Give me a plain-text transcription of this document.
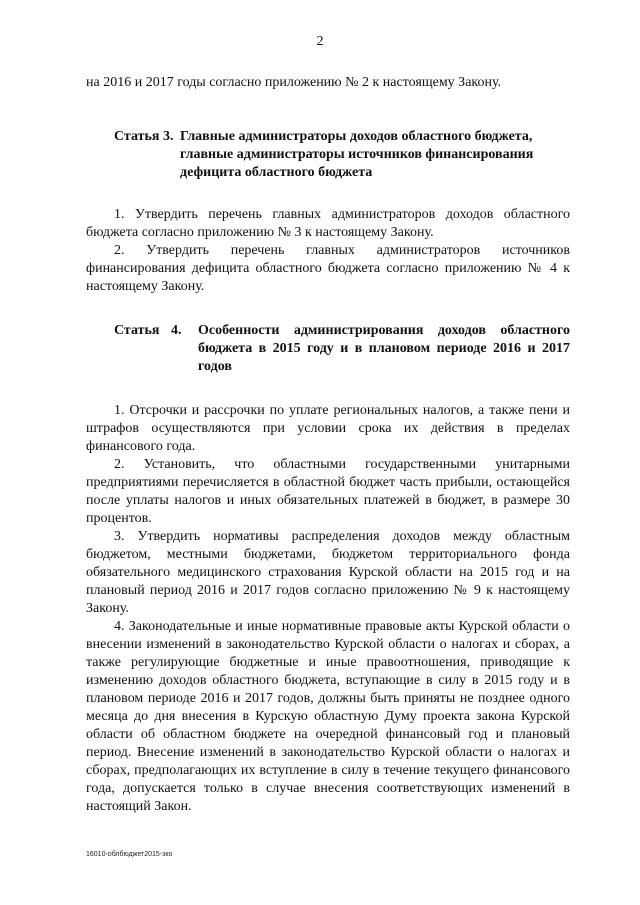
2

на 2016 и 2017 годы согласно приложению № 2 к настоящему Закону.

Статья 3. Главные администраторы доходов областного бюджета, главные администраторы источников финансирования дефицита областного бюджета

1. Утвердить перечень главных администраторов доходов областного бюджета согласно приложению № 3 к настоящему Закону.

2. Утвердить перечень главных администраторов источников финансирования дефицита областного бюджета согласно приложению № 4 к настоящему Закону.

Статья 4.	Особенности администрирования доходов областного бюджета в 2015 году и в плановом периоде 2016 и 2017 годов

1. Отсрочки и рассрочки по уплате региональных налогов, а также пени и штрафов осуществляются при условии срока их действия в пределах финансового года.

2. Установить, что областными государственными унитарными предприятиями перечисляется в областной бюджет часть прибыли, остающейся после уплаты налогов и иных обязательных платежей в бюджет, в размере 30 процентов.

3. Утвердить нормативы распределения доходов между областным бюджетом, местными бюджетами, бюджетом территориального фонда обязательного медицинского страхования Курской области на 2015 год и на плановый период 2016 и 2017 годов согласно приложению № 9 к настоящему Закону.

4. Законодательные и иные нормативные правовые акты Курской области о внесении изменений в законодательство Курской области о налогах и сборах, а также регулирующие бюджетные и иные правоотношения, приводящие к изменению доходов областного бюджета, вступающие в силу в 2015 году и в плановом периоде 2016 и 2017 годов, должны быть приняты не позднее одного месяца до дня внесения в Курскую областную Думу проекта закона Курской области об областном бюджете на очередной финансовый год и плановый период. Внесение изменений в законодательство Курской области о налогах и сборах, предполагающих их вступление в силу в течение текущего финансового года, допускается только в случае внесения соответствующих изменений в настоящий Закон.

16010-облбюджет2015-зко
